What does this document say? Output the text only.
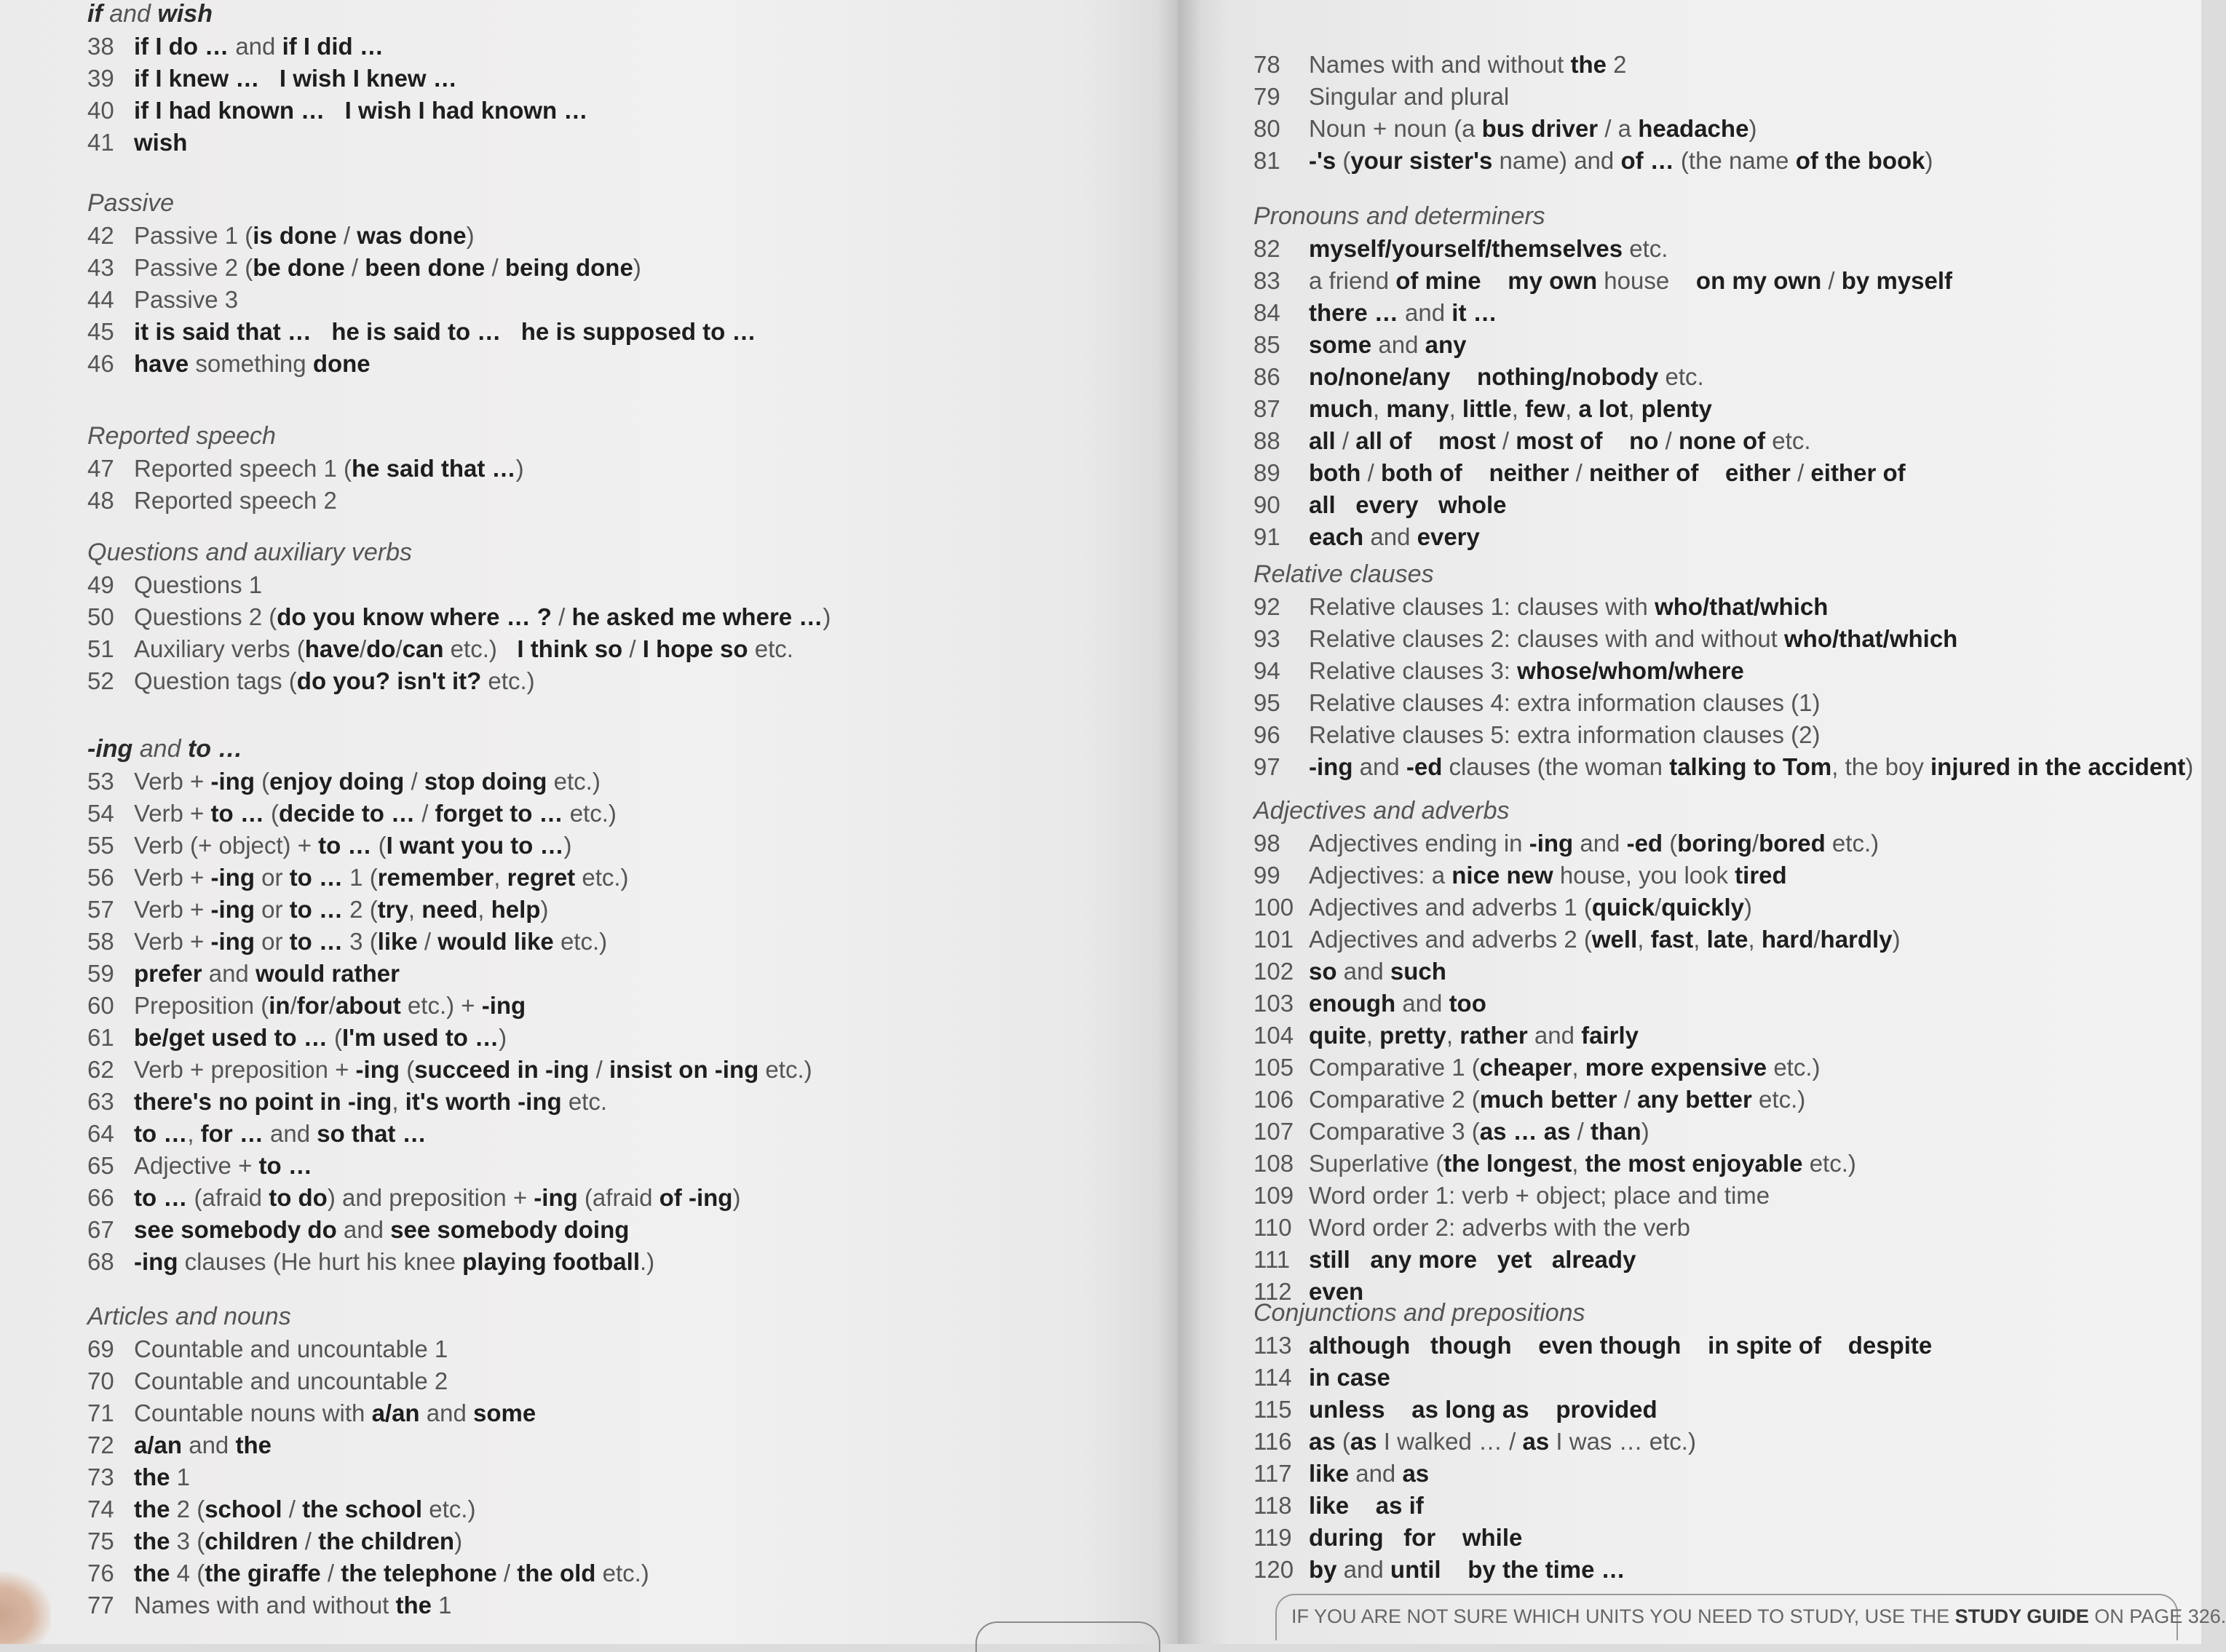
if and wish
38 if I do … and if I did …
39 if I knew …   I wish I knew …
40 if I had known …   I wish I had known …
41 wish
Passive
42 Passive 1 (is done / was done)
43 Passive 2 (be done / been done / being done)
44 Passive 3
45 it is said that …   he is said to …   he is supposed to …
46 have something done
Reported speech
47 Reported speech 1 (he said that …)
48 Reported speech 2
Questions and auxiliary verbs
49 Questions 1
50 Questions 2 (do you know where … ? / he asked me where …)
51 Auxiliary verbs (have/do/can etc.)   I think so / I hope so etc.
52 Question tags (do you? isn't it? etc.)
-ing and to …
53 Verb + -ing (enjoy doing / stop doing etc.)
54 Verb + to … (decide to … / forget to … etc.)
55 Verb (+ object) + to … (I want you to …)
56 Verb + -ing or to … 1 (remember, regret etc.)
57 Verb + -ing or to … 2 (try, need, help)
58 Verb + -ing or to … 3 (like / would like etc.)
59 prefer and would rather
60 Preposition (in/for/about etc.) + -ing
61 be/get used to … (I'm used to …)
62 Verb + preposition + -ing (succeed in -ing / insist on -ing etc.)
63 there's no point in -ing, it's worth -ing etc.
64 to …, for … and so that …
65 Adjective + to …
66 to … (afraid to do) and preposition + -ing (afraid of -ing)
67 see somebody do and see somebody doing
68 -ing clauses (He hurt his knee playing football.)
Articles and nouns
69 Countable and uncountable 1
70 Countable and uncountable 2
71 Countable nouns with a/an and some
72 a/an and the
73 the 1
74 the 2 (school / the school etc.)
75 the 3 (children / the children)
76 the 4 (the giraffe / the telephone / the old etc.)
77 Names with and without the 1
78	Names with and without the 2
79	Singular and plural
80	Noun + noun (a bus driver / a headache)
81	-'s (your sister's name) and of … (the name of the book)
Pronouns and determiners
82	myself/yourself/themselves etc.
83	a friend of mine my own house    on my own / by myself
84	there … and it …
85	some and any
86	no/none/any nothing/nobody etc.
87	much, many, little, few, a lot, plenty
88	all / all of most / most of no / none of etc.
89	both / both of neither / neither of either / either of
90	all every whole
91	each and every
Relative clauses
92	Relative clauses 1: clauses with who/that/which
93	Relative clauses 2: clauses with and without who/that/which
94	Relative clauses 3: whose/whom/where
95	Relative clauses 4: extra information clauses (1)
96	Relative clauses 5: extra information clauses (2)
97	-ing and -ed clauses (the woman talking to Tom, the boy injured in the accident)
Adjectives and adverbs
98	Adjectives ending in -ing and -ed (boring/bored etc.)
99	Adjectives: a nice new house, you look tired
100 Adjectives and adverbs 1 (quick/quickly)
101 Adjectives and adverbs 2 (well, fast, late, hard/hardly)
102 so and such
103 enough and too
104 quite, pretty, rather and fairly
105 Comparative 1 (cheaper, more expensive etc.)
106 Comparative 2 (much better / any better etc.)
107 Comparative 3 (as … as / than)
108 Superlative (the longest, the most enjoyable etc.)
109 Word order 1: verb + object; place and time
110 Word order 2: adverbs with the verb
111 still any more yet already
112 even
Conjunctions and prepositions
113 although though even though in spite of despite
114 in case
115 unless as long as provided
116 as (as I walked … / as I was … etc.)
117 like and as
118 like as if
119 during for while
120 by and until by the time …
IF YOU ARE NOT SURE WHICH UNITS YOU NEED TO STUDY, USE THE STUDY GUIDE ON PAGE 326.
